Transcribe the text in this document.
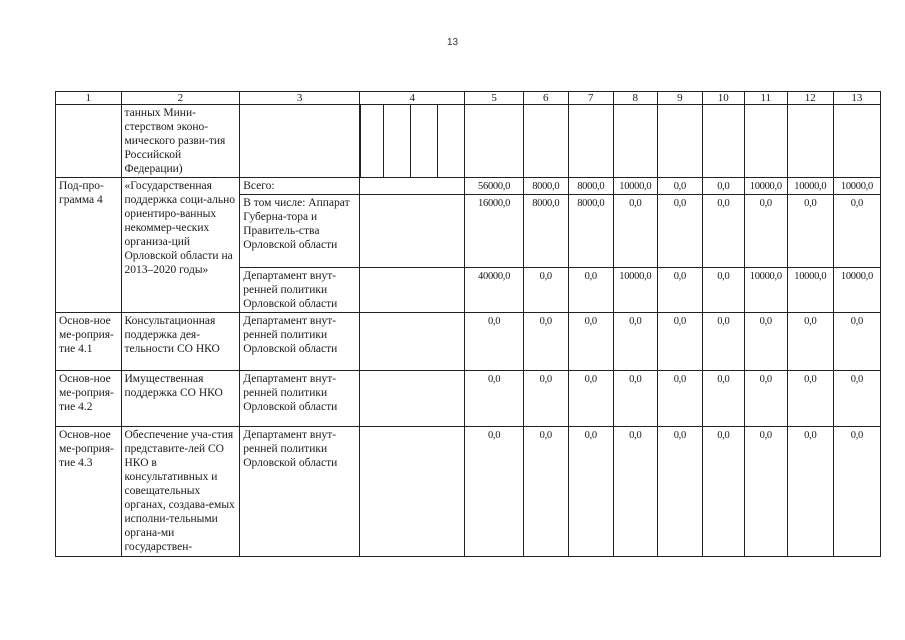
13
1	2	3	4	5	6	7	8	9	10	11	12	13
	танных Мини-стерством эконо-мического разви-тия Российской Федерации)		

Под-про-грамма 4	«Государственная поддержка соци-ально ориентиро-ванных некоммер-ческих организа-ций Орловской области на 2013–2020 годы»	Всего:		56000,0	8000,0	8000,0	10000,0	0,0	0,0	10000,0	10000,0	10000,0
		В том числе: Аппарат Губерна-тора и Правитель-ства Орловской области		16000,0	8000,0	8000,0	0,0	0,0	0,0	0,0	0,0	0,0
		Департамент внут-ренней политики Орловской области		40000,0	0,0	0,0	10000,0	0,0	0,0	10000,0	10000,0	10000,0
Основ-ное ме-роприя-тие 4.1	Консультационная поддержка дея-тельности СО НКО	Департамент внут-ренней политики Орловской области		0,0	0,0	0,0	0,0	0,0	0,0	0,0	0,0	0,0
Основ-ное ме-роприя-тие 4.2	Имущественная поддержка СО НКО	Департамент внут-ренней политики Орловской области		0,0	0,0	0,0	0,0	0,0	0,0	0,0	0,0	0,0
Основ-ное ме-роприя-тие 4.3	Обеспечение уча-стия представите-лей СО НКО в консультативных и совещательных органах, создава-емых исполни-тельными органа-ми государствен-	Департамент внут-ренней политики Орловской области		0,0	0,0	0,0	0,0	0,0	0,0	0,0	0,0	0,0
